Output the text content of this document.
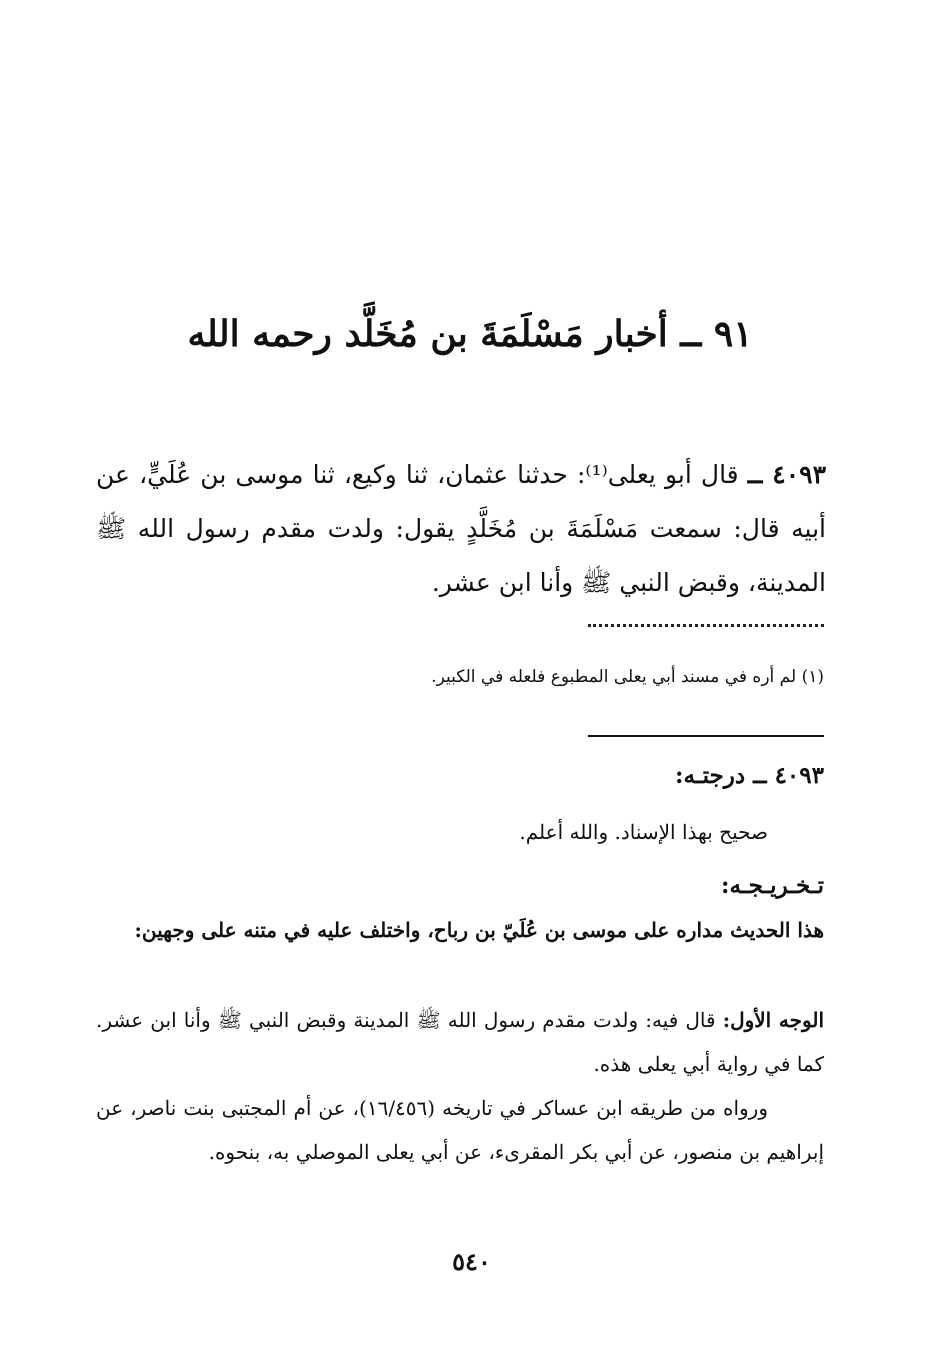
٩١ ــ أخبار مَسْلَمَةَ بن مُخَلَّد رحمه الله
٤٠٩٣ ــ قال أبو يعلى⁽¹⁾: حدثنا عثمان، ثنا وكيع، ثنا موسى بن عُلَيٍّ، عن أبيه قال: سمعت مَسْلَمَةَ بن مُخَلَّدٍ يقول: ولدت مقدم رسول الله ﷺ المدينة، وقبض النبي ﷺ وأنا ابن عشر.
(١) لم أره في مسند أبي يعلى المطبوع فلعله في الكبير.
٤٠٩٣ ــ درجتـه:
صحيح بهذا الإسناد. والله أعلم.
تـخـريـجـه:
هذا الحديث مداره على موسى بن عُلَيّ بن رباح، واختلف عليه في متنه على وجهين:
الوجه الأول: قال فيه: ولدت مقدم رسول الله ﷺ المدينة وقبض النبي ﷺ وأنا ابن عشر. كما في رواية أبي يعلى هذه.
ورواه من طريقه ابن عساكر في تاريخه (١٦/٤٥٦)، عن أم المجتبى بنت ناصر، عن إبراهيم بن منصور، عن أبي بكر المقرىء، عن أبي يعلى الموصلي به، بنحوه.
٥٤٠
